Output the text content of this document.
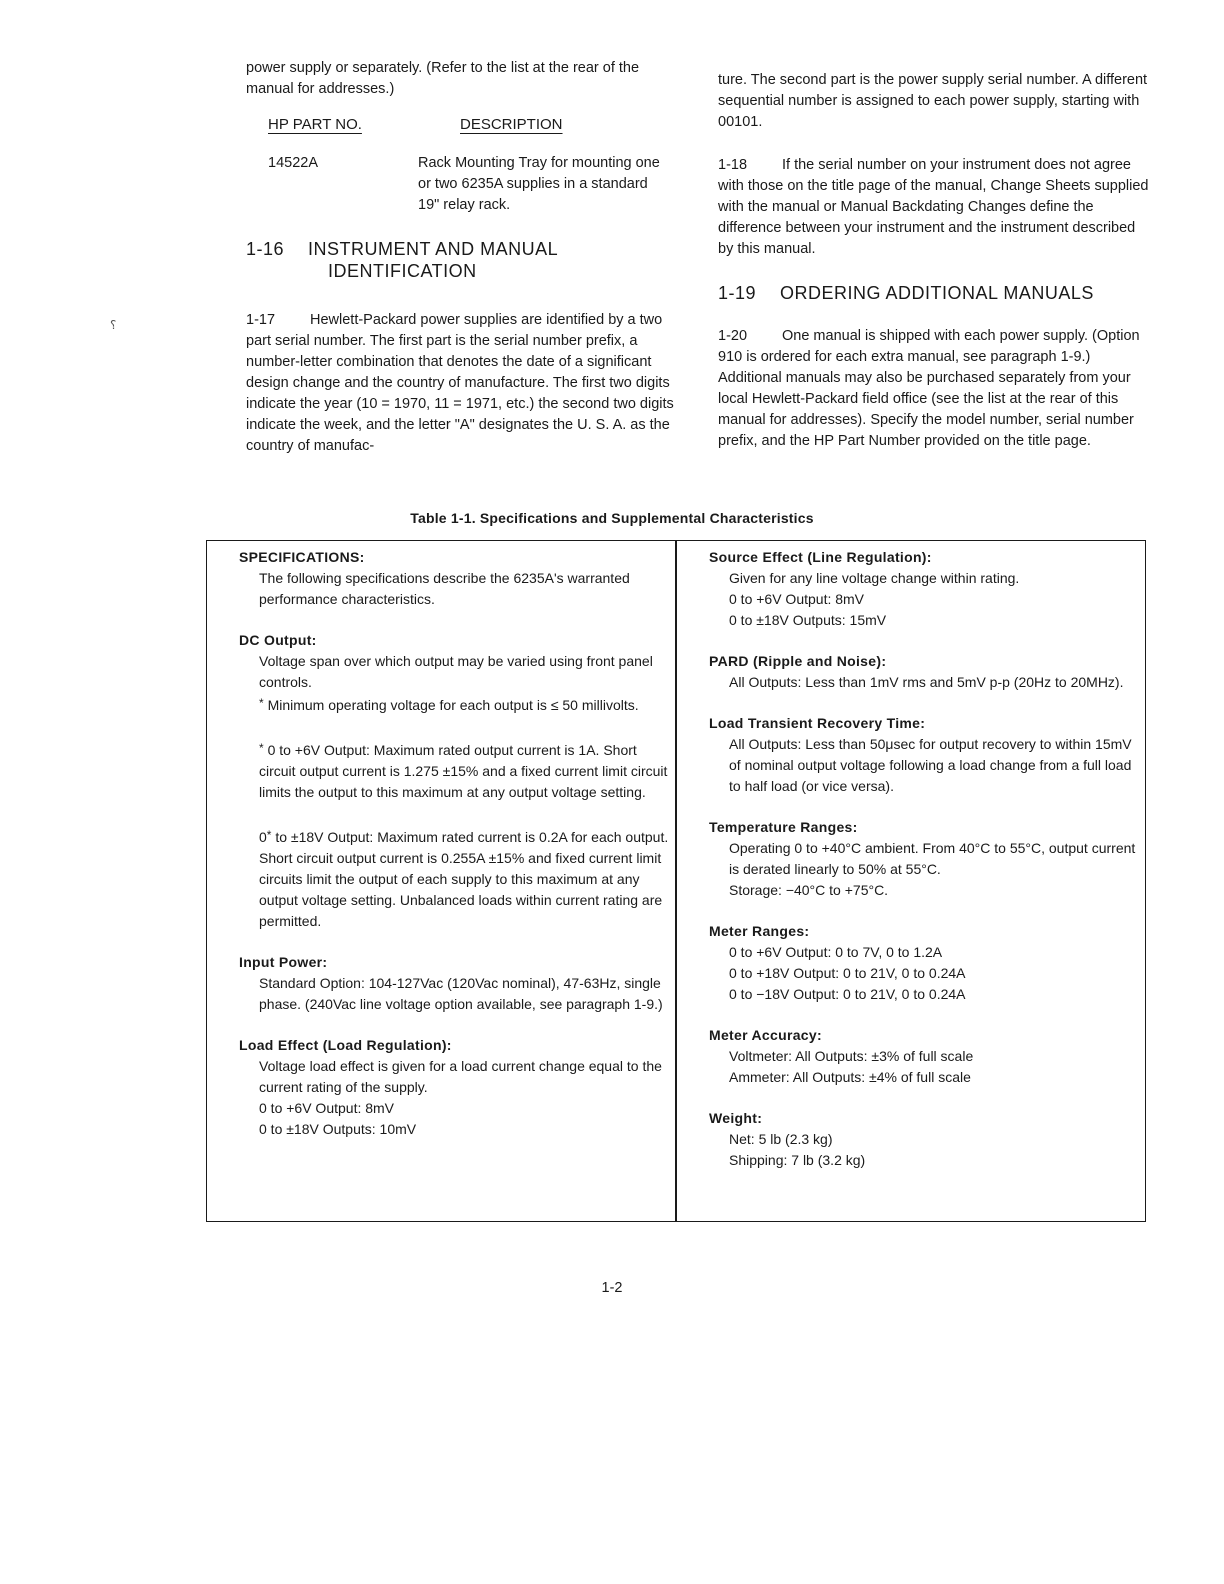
⸮

power supply or separately. (Refer to the list at the rear of the manual for addresses.)

HP PART NO.	DESCRIPTION
14522A	Rack Mounting Tray for mounting one or two 6235A supplies in a standard 19" relay rack.
1-16	INSTRUMENT AND MANUAL
IDENTIFICATION

1-17 Hewlett-Packard power supplies are identified by a two part serial number. The first part is the serial number prefix, a number-letter combination that denotes the date of a significant design change and the country of manufacture. The first two digits indicate the year (10 = 1970, 11 = 1971, etc.) the second two digits indicate the week, and the letter "A" designates the U. S. A. as the country of manufac-

ture. The second part is the power supply serial number. A different sequential number is assigned to each power supply, starting with 00101.

1-18 If the serial number on your instrument does not agree with those on the title page of the manual, Change Sheets supplied with the manual or Manual Backdating Changes define the difference between your instrument and the instrument described by this manual.

1-19	ORDERING ADDITIONAL MANUALS

1-20 One manual is shipped with each power supply. (Option 910 is ordered for each extra manual, see paragraph 1-9.) Additional manuals may also be purchased separately from your local Hewlett-Packard field office (see the list at the rear of this manual for addresses). Specify the model number, serial number prefix, and the HP Part Number provided on the title page.

Table 1-1. Specifications and Supplemental Characteristics
SPECIFICATIONS:

The following specifications describe the 6235A's warranted performance characteristics.

DC Output:

Voltage span over which output may be varied using front panel controls.

* Minimum operating voltage for each output is ≤ 50 millivolts.

* 0 to +6V Output: Maximum rated output current is 1A. Short circuit output current is 1.275 ±15% and a fixed current limit circuit limits the output to this maximum at any output voltage setting.

0* to ±18V Output: Maximum rated current is 0.2A for each output. Short circuit output current is 0.255A ±15% and fixed current limit circuits limit the output of each supply to this maximum at any output voltage setting. Unbalanced loads within current rating are permitted.

Input Power:

Standard Option: 104-127Vac (120Vac nominal), 47-63Hz, single phase. (240Vac line voltage option available, see paragraph 1-9.)

Load Effect (Load Regulation):

Voltage load effect is given for a load current change equal to the current rating of the supply.

0 to +6V Output: 8mV
0 to ±18V Outputs: 10mV
Source Effect (Line Regulation):
Given for any line voltage change within rating.
0 to +6V Output: 8mV
0 to ±18V Outputs: 15mV
PARD (Ripple and Noise):

All Outputs: Less than 1mV rms and 5mV p-p (20Hz to 20MHz).

Load Transient Recovery Time:

All Outputs: Less than 50μsec for output recovery to within 15mV of nominal output voltage following a load change from a full load to half load (or vice versa).

Temperature Ranges:

Operating 0 to +40°C ambient. From 40°C to 55°C, output current is derated linearly to 50% at 55°C.

Storage: −40°C to +75°C.
Meter Ranges:
0 to +6V Output: 0 to 7V, 0 to 1.2A
0 to +18V Output: 0 to 21V, 0 to 0.24A
0 to −18V Output: 0 to 21V, 0 to 0.24A
Meter Accuracy:
Voltmeter: All Outputs: ±3% of full scale
Ammeter: All Outputs: ±4% of full scale
Weight:
Net: 5 lb (2.3 kg)
Shipping: 7 lb (3.2 kg)
1-2
